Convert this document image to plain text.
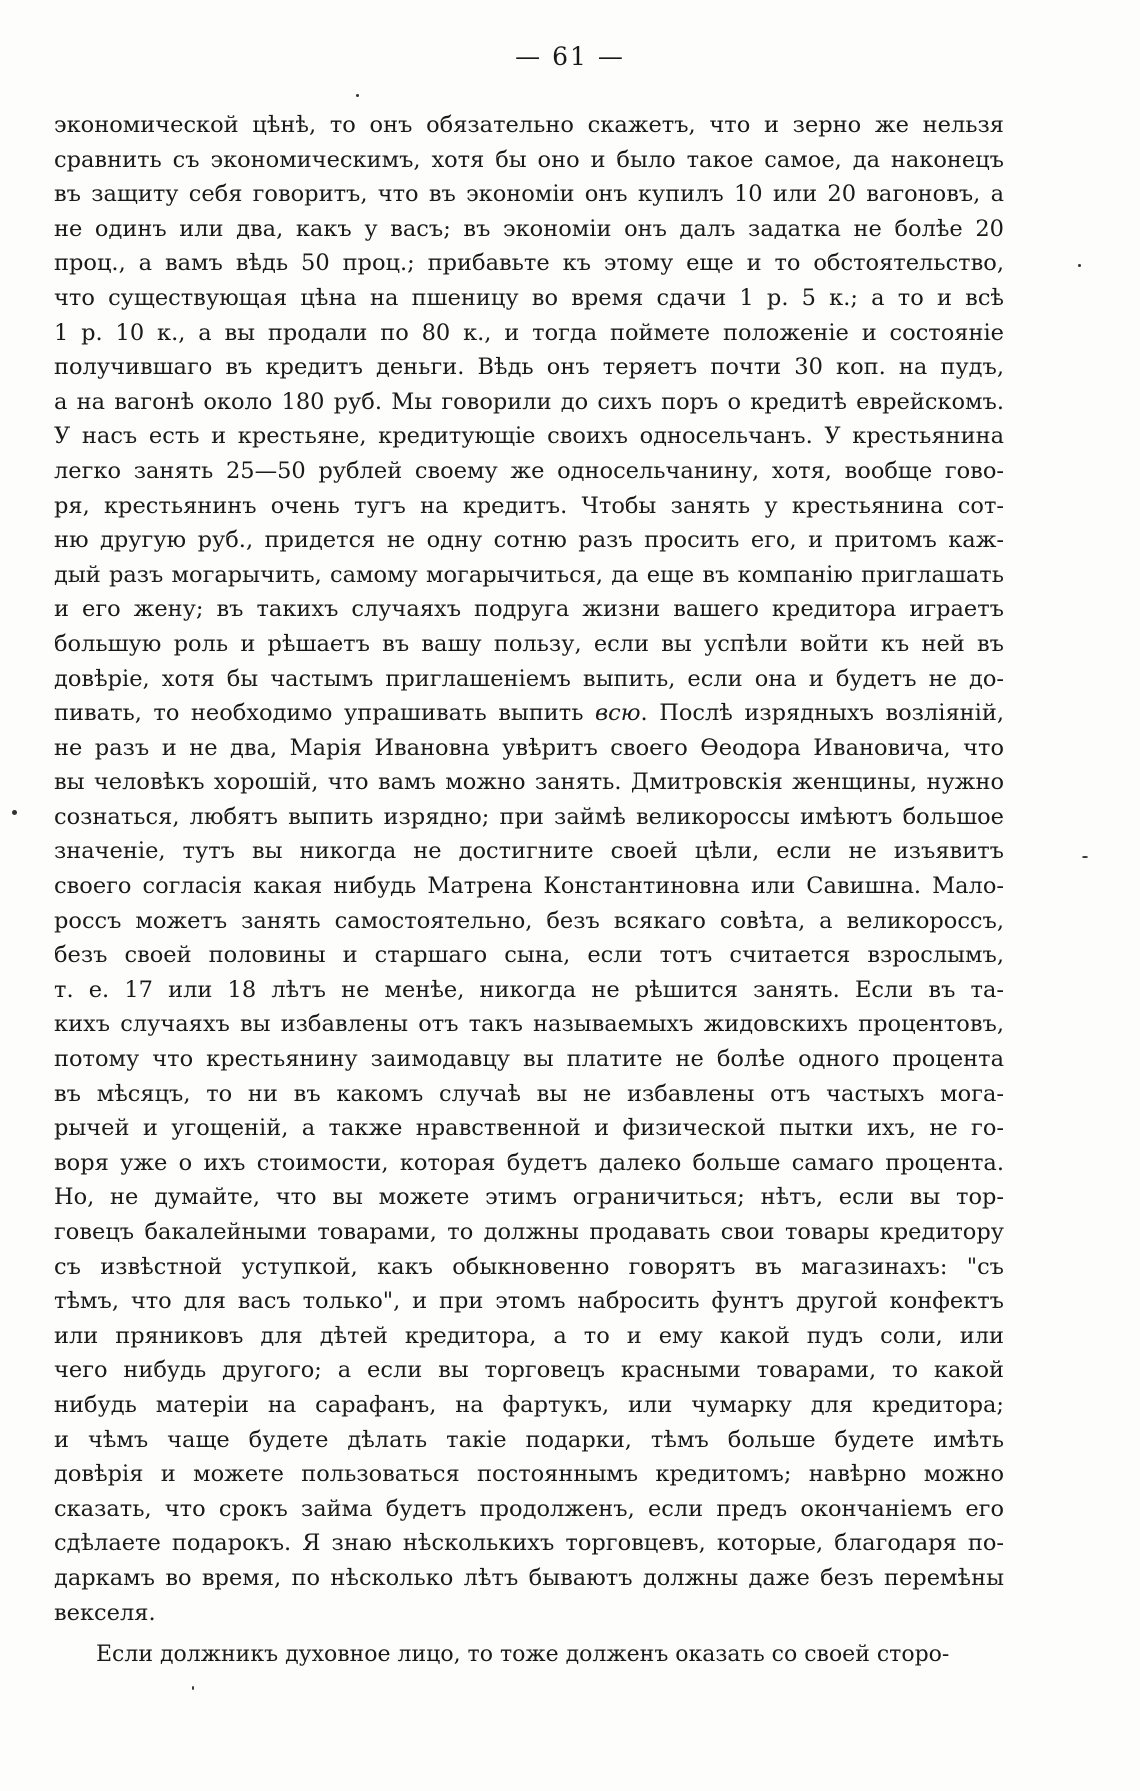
— 61 —
экономической цѣнѣ, то онъ обязательно скажетъ, что и зерно же нельзя
сравнить съ экономическимъ, хотя бы оно и было такое самое, да наконецъ
въ защиту себя говоритъ, что въ экономіи онъ купилъ 10 или 20 вагоновъ, а
не одинъ или два, какъ у васъ; въ экономіи онъ далъ задатка не болѣе 20
проц., а вамъ вѣдь 50 проц.; прибавьте къ этому еще и то обстоятельство,
что существующая цѣна на пшеницу во время сдачи 1 р. 5 к.; а то и всѣ
1 р. 10 к., а вы продали по 80 к., и тогда поймете положеніе и состояніе
получившаго въ кредитъ деньги. Вѣдь онъ теряетъ почти 30 коп. на пудъ,
а на вагонѣ около 180 руб. Мы говорили до сихъ поръ о кредитѣ еврейскомъ.
У насъ есть и крестьяне, кредитующіе своихъ односельчанъ. У крестьянина
легко занять 25—50 рублей своему же односельчанину, хотя, вообще гово-
ря, крестьянинъ очень тугъ на кредитъ. Чтобы занять у крестьянина сот-
ню другую руб., придется не одну сотню разъ просить его, и притомъ каж-
дый разъ могарычить, самому могарычиться, да еще въ компанію приглашать
и его жену; въ такихъ случаяхъ подруга жизни вашего кредитора играетъ
большую роль и рѣшаетъ въ вашу пользу, если вы успѣли войти къ ней въ
довѣріе, хотя бы частымъ приглашеніемъ выпить, если она и будетъ не до-
пивать, то необходимо упрашивать выпить всю. Послѣ изрядныхъ возліяній,
не разъ и не два, Марія Ивановна увѣритъ своего Ѳеодора Ивановича, что
вы человѣкъ хорошій, что вамъ можно занять. Дмитровскія женщины, нужно
сознаться, любятъ выпить изрядно; при займѣ великороссы имѣютъ большое
значеніе, тутъ вы никогда не достигните своей цѣли, если не изъявитъ
своего согласія какая нибудь Матрена Константиновна или Савишна. Мало-
россъ можетъ занять самостоятельно, безъ всякаго совѣта, а великороссъ,
безъ своей половины и старшаго сына, если тотъ считается взрослымъ,
т. е. 17 или 18 лѣтъ не менѣе, никогда не рѣшится занять. Если въ та-
кихъ случаяхъ вы избавлены отъ такъ называемыхъ жидовскихъ процентовъ,
потому что крестьянину заимодавцу вы платите не болѣе одного процента
въ мѣсяцъ, то ни въ какомъ случаѣ вы не избавлены отъ частыхъ мога-
рычей и угощеній, а также нравственной и физической пытки ихъ, не го-
воря уже о ихъ стоимости, которая будетъ далеко больше самаго процента.
Но, не думайте, что вы можете этимъ ограничиться; нѣтъ, если вы тор-
говецъ бакалейными товарами, то должны продавать свои товары кредитору
съ извѣстной уступкой, какъ обыкновенно говорятъ въ магазинахъ: "съ
тѣмъ, что для васъ только", и при этомъ набросить фунтъ другой конфектъ
или пряниковъ для дѣтей кредитора, а то и ему какой пудъ соли, или
чего нибудь другого; а если вы торговецъ красными товарами, то какой
нибудь матеріи на сарафанъ, на фартукъ, или чумарку для кредитора;
и чѣмъ чаще будете дѣлать такіе подарки, тѣмъ больше будете имѣть
довѣрія и можете пользоваться постояннымъ кредитомъ; навѣрно можно
сказать, что срокъ займа будетъ продолженъ, если предъ окончаніемъ его
сдѣлаете подарокъ. Я знаю нѣсколькихъ торговцевъ, которые, благодаря по-
даркамъ во время, по нѣсколько лѣтъ бываютъ должны даже безъ перемѣны
векселя.
Если должникъ духовное лицо, то тоже долженъ оказать со своей сторо-
